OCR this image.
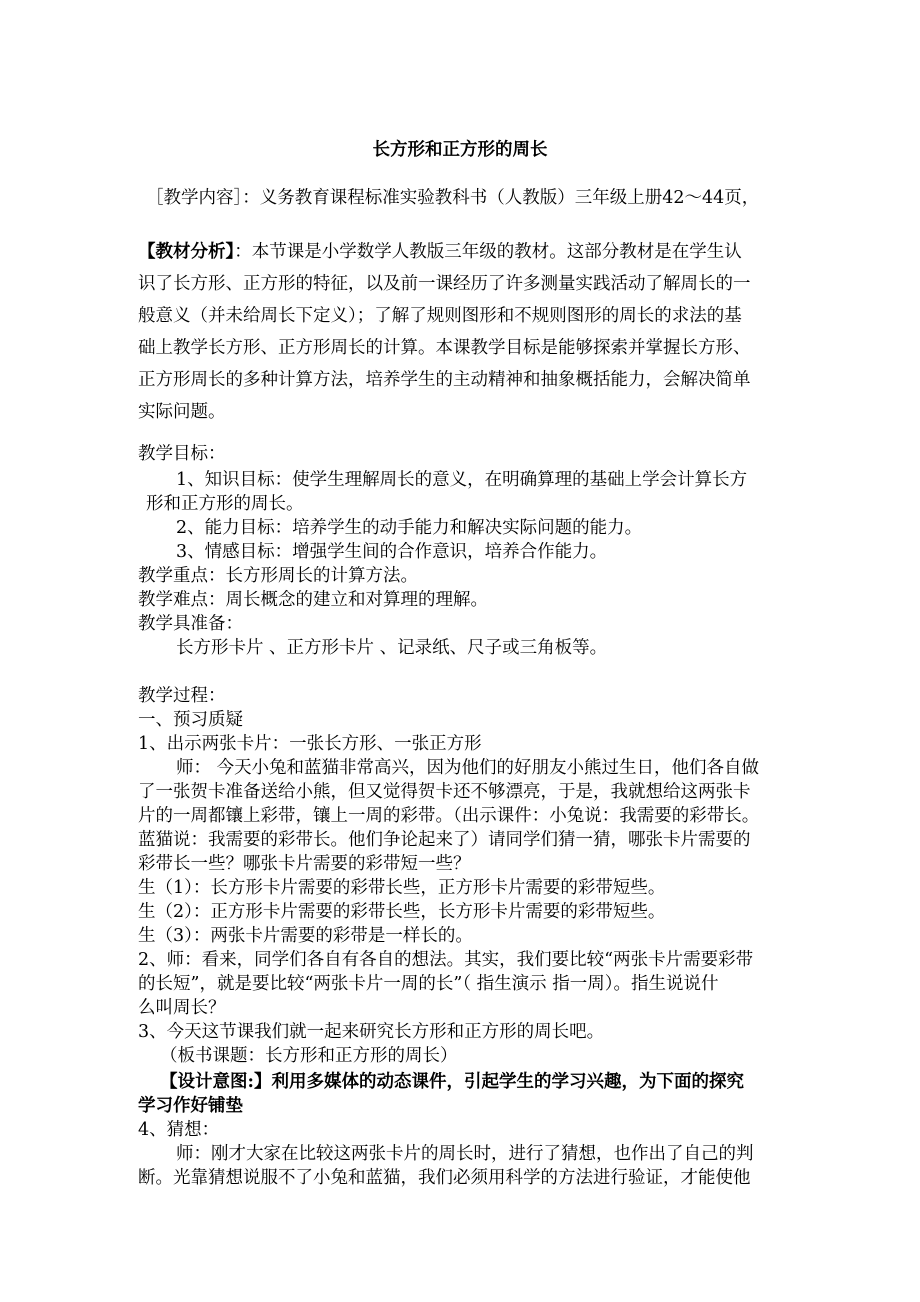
长方形和正方形的周长
［教学内容］：义务教育课程标准实验教科书（人教版）三年级上册42～44页，
【教材分析】：本节课是小学数学人教版三年级的教材。这部分教材是在学生认
识了长方形、正方形的特征，以及前一课经历了许多测量实践活动了解周长的一
般意义（并未给周长下定义）；了解了规则图形和不规则图形的周长的求法的基
础上教学长方形、正方形周长的计算。本课教学目标是能够探索并掌握长方形、
正方形周长的多种计算方法，培养学生的主动精神和抽象概括能力，会解决简单
实际问题。
教学目标：
1、知识目标：使学生理解周长的意义，在明确算理的基础上学会计算长方
形和正方形的周长。
2、能力目标：培养学生的动手能力和解决实际问题的能力。
3、情感目标：增强学生间的合作意识，培养合作能力。
教学重点：长方形周长的计算方法。
教学难点：周长概念的建立和对算理的理解。
教学具准备：
长方形卡片 、正方形卡片 、记录纸、尺子或三角板等。
教学过程：
一、预习质疑
1、出示两张卡片：一张长方形、一张正方形
师： 今天小兔和蓝猫非常高兴，因为他们的好朋友小熊过生日，他们各自做
了一张贺卡准备送给小熊，但又觉得贺卡还不够漂亮，于是，我就想给这两张卡
片的一周都镶上彩带，镶上一周的彩带。（出示课件：小兔说：我需要的彩带长。
蓝猫说：我需要的彩带长。他们争论起来了）请同学们猜一猜，哪张卡片需要的
彩带长一些？哪张卡片需要的彩带短一些？
生（1）：长方形卡片需要的彩带长些，正方形卡片需要的彩带短些。
生（2）：正方形卡片需要的彩带长些，长方形卡片需要的彩带短些。
生（3）：两张卡片需要的彩带是一样长的。
2、师：看来，同学们各自有各自的想法。其实，我们要比较“两张卡片需要彩带
的长短”，就是要比较“两张卡片一周的长”（ 指生演示 指一周）。指生说说什
么叫周长？
3、今天这节课我们就一起来研究长方形和正方形的周长吧。
（板书课题：长方形和正方形的周长）
【设计意图:】利用多媒体的动态课件，引起学生的学习兴趣，为下面的探究
学习作好铺垫
4、猜想：
师：刚才大家在比较这两张卡片的周长时，进行了猜想，也作出了自己的判
断。光靠猜想说服不了小兔和蓝猫，我们必须用科学的方法进行验证，才能使他
